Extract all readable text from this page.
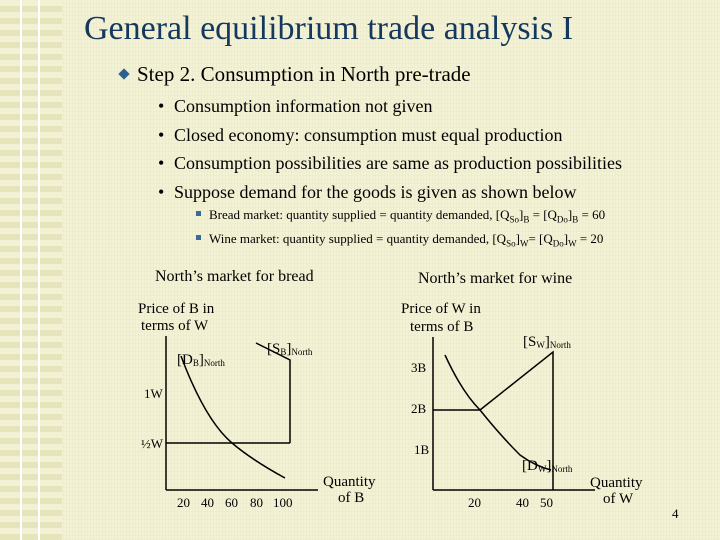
General equilibrium trade analysis I
Step 2. Consumption in North pre-trade
• Consumption information not given
• Closed economy: consumption must equal production
• Consumption possibilities are same as production possibilities
• Suppose demand for the goods is given as shown below
Bread market: quantity supplied = quantity demanded, $[Q_{So}]_B = [Q_{Do}]_B = 60$
Wine market: quantity supplied = quantity demanded, $[Q_{So}]_W= [Q_{Do}]_W = 20$
North’s market for bread	North’s market for wine
Price of B in
terms of W
[DB]North
[SB]North
1W
½W
20 40 60 80 100
Quantity
of B
Price of W in
terms of B
[SW]North
[DW]North
3B
2B
1B
20	40 50
Quantity
of W
4
